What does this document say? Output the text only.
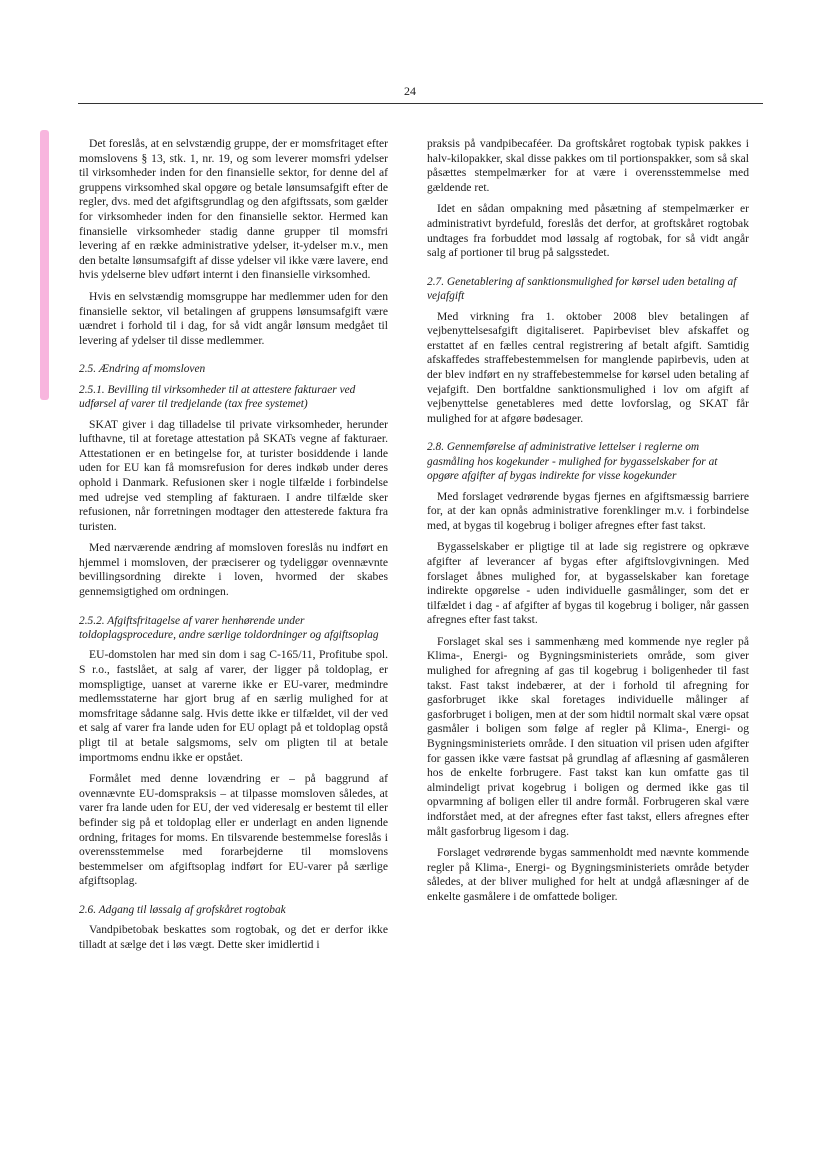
24

Det foreslås, at en selvstændig gruppe, der er momsfritaget efter momslovens § 13, stk. 1, nr. 19, og som leverer momsfri ydelser til virksomheder inden for den finansielle sektor, for denne del af gruppens virksomhed skal opgøre og betale lønsumsafgift efter de regler, dvs. med det afgiftsgrundlag og den afgiftssats, som gælder for virksomheder inden for den finansielle sektor. Hermed kan finansielle virksomheder stadig danne grupper til momsfri levering af en række administrative ydelser, it-ydelser m.v., men den betalte lønsumsafgift af disse ydelser vil ikke være lavere, end hvis ydelserne blev udført internt i den finansielle virksomhed.

Hvis en selvstændig momsgruppe har medlemmer uden for den finansielle sektor, vil betalingen af gruppens lønsumsafgift være uændret i forhold til i dag, for så vidt angår lønsum medgået til levering af ydelser til disse medlemmer.

2.5. Ændring af momsloven
2.5.1. Bevilling til virksomheder til at attestere fakturaer ved udførsel af varer til tredjelande (tax free systemet)

SKAT giver i dag tilladelse til private virksomheder, herunder lufthavne, til at foretage attestation på SKATs vegne af fakturaer. Attestationen er en betingelse for, at turister bosiddende i lande uden for EU kan få momsrefusion for deres indkøb under deres ophold i Danmark. Refusionen sker i nogle tilfælde i forbindelse med udrejse ved stempling af fakturaen. I andre tilfælde sker refusionen, når forretningen modtager den attesterede faktura fra turisten.

Med nærværende ændring af momsloven foreslås nu indført en hjemmel i momsloven, der præciserer og tydeliggør ovennævnte bevillingsordning direkte i loven, hvormed der skabes gennemsigtighed om ordningen.

2.5.2. Afgiftsfritagelse af varer henhørende under toldoplagsprocedure, andre særlige toldordninger og afgiftsoplag

EU-domstolen har med sin dom i sag C-165/11, Profitube spol. S r.o., fastslået, at salg af varer, der ligger på toldoplag, er momspligtige, uanset at varerne ikke er EU-varer, medmindre medlemsstaterne har gjort brug af en særlig mulighed for at momsfritage sådanne salg. Hvis dette ikke er tilfældet, vil der ved et salg af varer fra lande uden for EU oplagt på et toldoplag opstå pligt til at betale salgsmoms, selv om pligten til at betale importmoms endnu ikke er opstået.

Formålet med denne lovændring er – på baggrund af ovennævnte EU-domspraksis – at tilpasse momsloven således, at varer fra lande uden for EU, der ved videresalg er bestemt til eller befinder sig på et toldoplag eller er underlagt en anden lignende ordning, fritages for moms. En tilsvarende bestemmelse foreslås i overensstemmelse med forarbejderne til momslovens bestemmelser om afgiftsoplag indført for EU-varer på særlige afgiftsoplag.

2.6. Adgang til løssalg af grofskåret rogtobak

Vandpibetobak beskattes som rogtobak, og det er derfor ikke tilladt at sælge det i løs vægt. Dette sker imidlertid i

praksis på vandpibecaféer. Da groftskåret rogtobak typisk pakkes i halv-kilopakker, skal disse pakkes om til portionspakker, som så skal påsættes stempelmærker for at være i overensstemmelse med gældende ret.

Idet en sådan ompakning med påsætning af stempelmærker er administrativt byrdefuld, foreslås det derfor, at groftskåret rogtobak undtages fra forbuddet mod løssalg af rogtobak, for så vidt angår salg af portioner til brug på salgsstedet.

2.7. Genetablering af sanktionsmulighed for kørsel uden betaling af vejafgift

Med virkning fra 1. oktober 2008 blev betalingen af vejbenyttelsesafgift digitaliseret. Papirbeviset blev afskaffet og erstattet af en fælles central registrering af betalt afgift. Samtidig afskaffedes straffebestemmelsen for manglende papirbevis, uden at der blev indført en ny straffebestemmelse for kørsel uden betaling af vejafgift. Den bortfaldne sanktionsmulighed i lov om afgift af vejbenyttelse genetableres med dette lovforslag, og SKAT får mulighed for at afgøre bødesager.

2.8. Gennemførelse af administrative lettelser i reglerne om gasmåling hos kogekunder - mulighed for bygasselskaber for at opgøre afgifter af bygas indirekte for visse kogekunder

Med forslaget vedrørende bygas fjernes en afgiftsmæssig barriere for, at der kan opnås administrative forenklinger m.v. i forbindelse med, at bygas til kogebrug i boliger afregnes efter fast takst.

Bygasselskaber er pligtige til at lade sig registrere og opkræve afgifter af leverancer af bygas efter afgiftslovgivningen. Med forslaget åbnes mulighed for, at bygasselskaber kan foretage indirekte opgørelse - uden individuelle gasmålinger, som det er tilfældet i dag - af afgifter af bygas til kogebrug i boliger, når gassen afregnes efter fast takst.

Forslaget skal ses i sammenhæng med kommende nye regler på Klima-, Energi- og Bygningsministeriets område, som giver mulighed for afregning af gas til kogebrug i boligenheder til fast takst. Fast takst indebærer, at der i forhold til afregning for gasforbruget ikke skal foretages individuelle målinger af gasforbruget i boligen, men at der som hidtil normalt skal være opsat gasmåler i boligen som følge af regler på Klima-, Energi- og Bygningsministeriets område. I den situation vil prisen uden afgifter for gassen ikke være fastsat på grundlag af aflæsning af gasmåleren hos de enkelte forbrugere. Fast takst kan kun omfatte gas til almindeligt privat kogebrug i boligen og dermed ikke gas til opvarmning af boligen eller til andre formål. Forbrugeren skal være indforstået med, at der afregnes efter fast takst, ellers afregnes efter målt gasforbrug ligesom i dag.

Forslaget vedrørende bygas sammenholdt med nævnte kommende regler på Klima-, Energi- og Bygningsministeriets område betyder således, at der bliver mulighed for helt at undgå aflæsninger af de enkelte gasmålere i de omfattede boliger.
